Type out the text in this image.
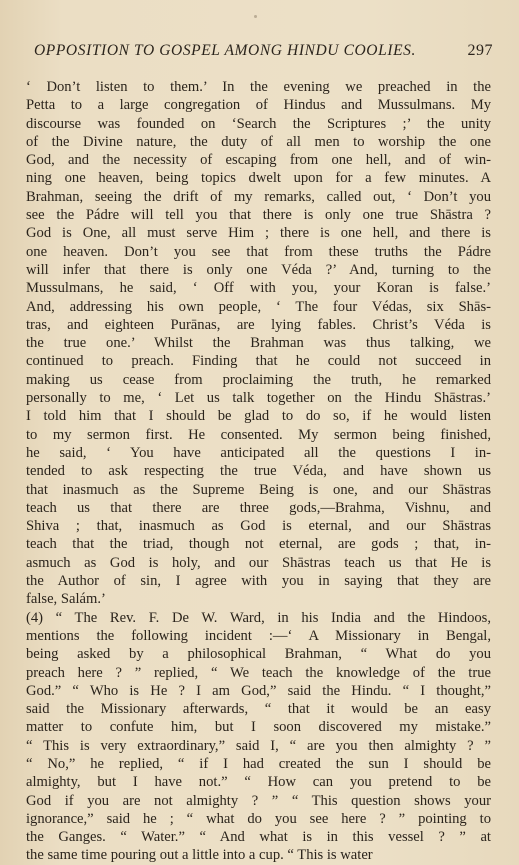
OPPOSITION TO GOSPEL AMONG HINDU COOLIES.	297
‘ Don’t listen to them.’ In the evening we preached in the
Petta to a large congregation of Hindus and Mussulmans. My
discourse was founded on ‘Search the Scriptures ;’ the unity
of the Divine nature, the duty of all men to worship the one
God, and the necessity of escaping from one hell, and of win-
ning one heaven, being topics dwelt upon for a few minutes. A
Brahman, seeing the drift of my remarks, called out, ‘ Don’t you
see the Pádre will tell you that there is only one true Shāstra ?
God is One, all must serve Him ; there is one hell, and there is
one heaven. Don’t you see that from these truths the Pádre
will infer that there is only one Véda ?’ And, turning to the
Mussulmans, he said, ‘ Off with you, your Koran is false.’
And, addressing his own people, ‘ The four Védas, six Shās-
tras, and eighteen Purānas, are lying fables. Christ’s Véda is
the true one.’ Whilst the Brahman was thus talking, we
continued to preach. Finding that he could not succeed in
making us cease from proclaiming the truth, he remarked
personally to me, ‘ Let us talk together on the Hindu Shāstras.’
I told him that I should be glad to do so, if he would listen
to my sermon first. He consented. My sermon being finished,
he said, ‘ You have anticipated all the questions I in-
tended to ask respecting the true Véda, and have shown us
that inasmuch as the Supreme Being is one, and our Shāstras
teach us that there are three gods,—Brahma, Vishnu, and
Shiva ; that, inasmuch as God is eternal, and our Shāstras
teach that the triad, though not eternal, are gods ; that, in-
asmuch as God is holy, and our Shāstras teach us that He is
the Author of sin, I agree with you in saying that they are
false, Salám.’
(4) “ The Rev. F. De W. Ward, in his India and the Hindoos,
mentions the following incident :—‘ A Missionary in Bengal,
being asked by a philosophical Brahman, “ What do you
preach here ? ” replied, “ We teach the knowledge of the true
God.” “ Who is He ? I am God,” said the Hindu. “ I thought,”
said the Missionary afterwards, “ that it would be an easy
matter to confute him, but I soon discovered my mistake.”
“ This is very extraordinary,” said I, “ are you then almighty ? ”
“ No,” he replied, “ if I had created the sun I should be
almighty, but I have not.” “ How can you pretend to be
God if you are not almighty ? ” “ This question shows your
ignorance,” said he ; “ what do you see here ? ” pointing to
the Ganges. “ Water.” “ And what is in this vessel ? ” at
the same time pouring out a little into a cup. “ This is water
